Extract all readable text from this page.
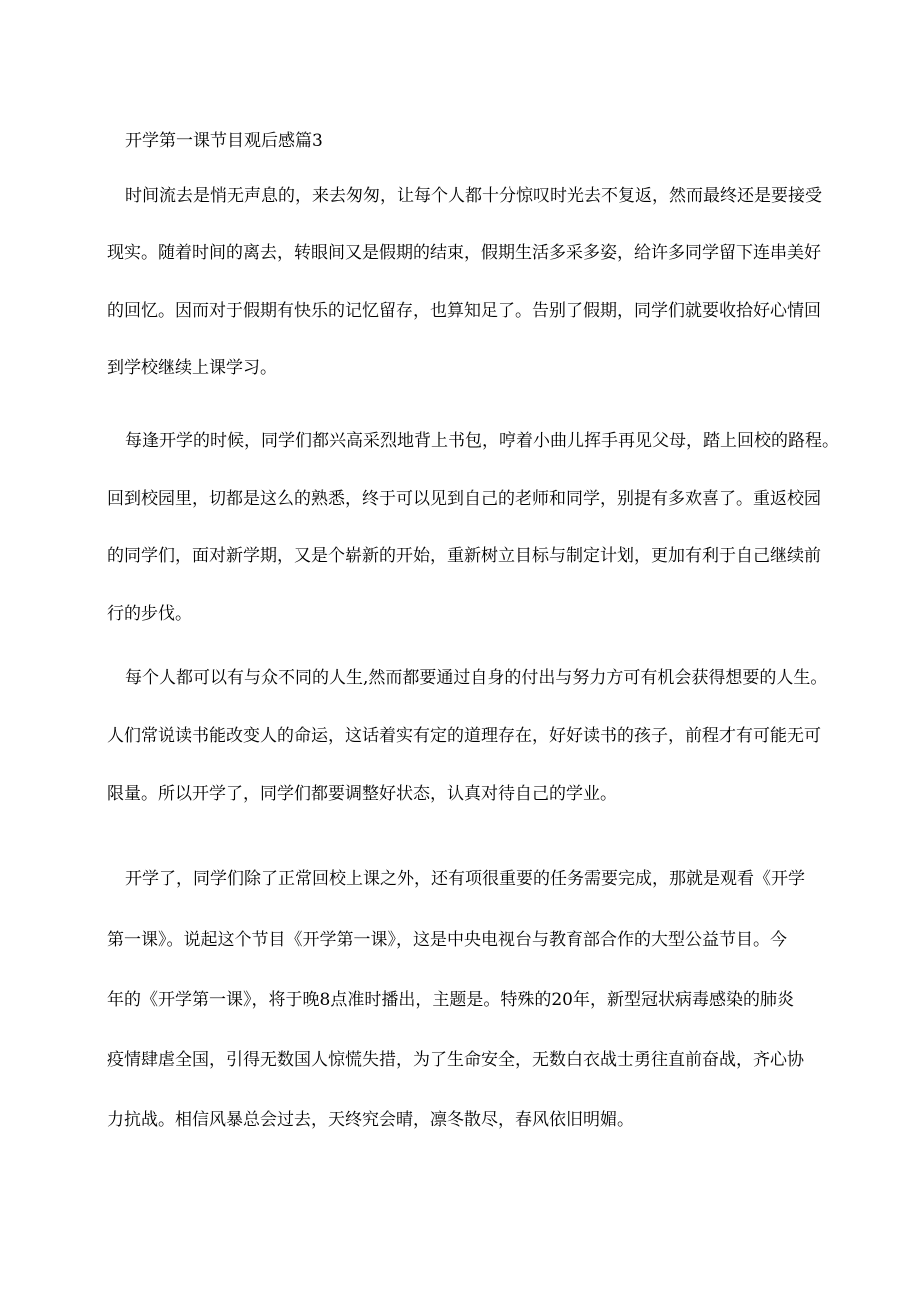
开学第一课节目观后感篇3
时间流去是悄无声息的，来去匆匆，让每个人都十分惊叹时光去不复返，然而最终还是要接受
现实。随着时间的离去，转眼间又是假期的结束，假期生活多采多姿，给许多同学留下连串美好
的回忆。因而对于假期有快乐的记忆留存，也算知足了。告别了假期，同学们就要收拾好心情回
到学校继续上课学习。
每逢开学的时候，同学们都兴高采烈地背上书包，哼着小曲儿挥手再见父母，踏上回校的路程。
回到校园里，切都是这么的熟悉，终于可以见到自己的老师和同学，别提有多欢喜了。重返校园
的同学们，面对新学期，又是个崭新的开始，重新树立目标与制定计划，更加有利于自己继续前
行的步伐。
每个人都可以有与众不同的人生,然而都要通过自身的付出与努力方可有机会获得想要的人生。
人们常说读书能改变人的命运，这话着实有定的道理存在，好好读书的孩子，前程才有可能无可
限量。所以开学了，同学们都要调整好状态，认真对待自己的学业。
开学了，同学们除了正常回校上课之外，还有项很重要的任务需要完成，那就是观看《开学
第一课》。说起这个节目《开学第一课》，这是中央电视台与教育部合作的大型公益节目。今
年的《开学第一课》，将于晚8点准时播出，主题是。特殊的20年，新型冠状病毒感染的肺炎
疫情肆虐全国，引得无数国人惊慌失措，为了生命安全，无数白衣战士勇往直前奋战，齐心协
力抗战。相信风暴总会过去，天终究会晴，凛冬散尽，春风依旧明媚。
